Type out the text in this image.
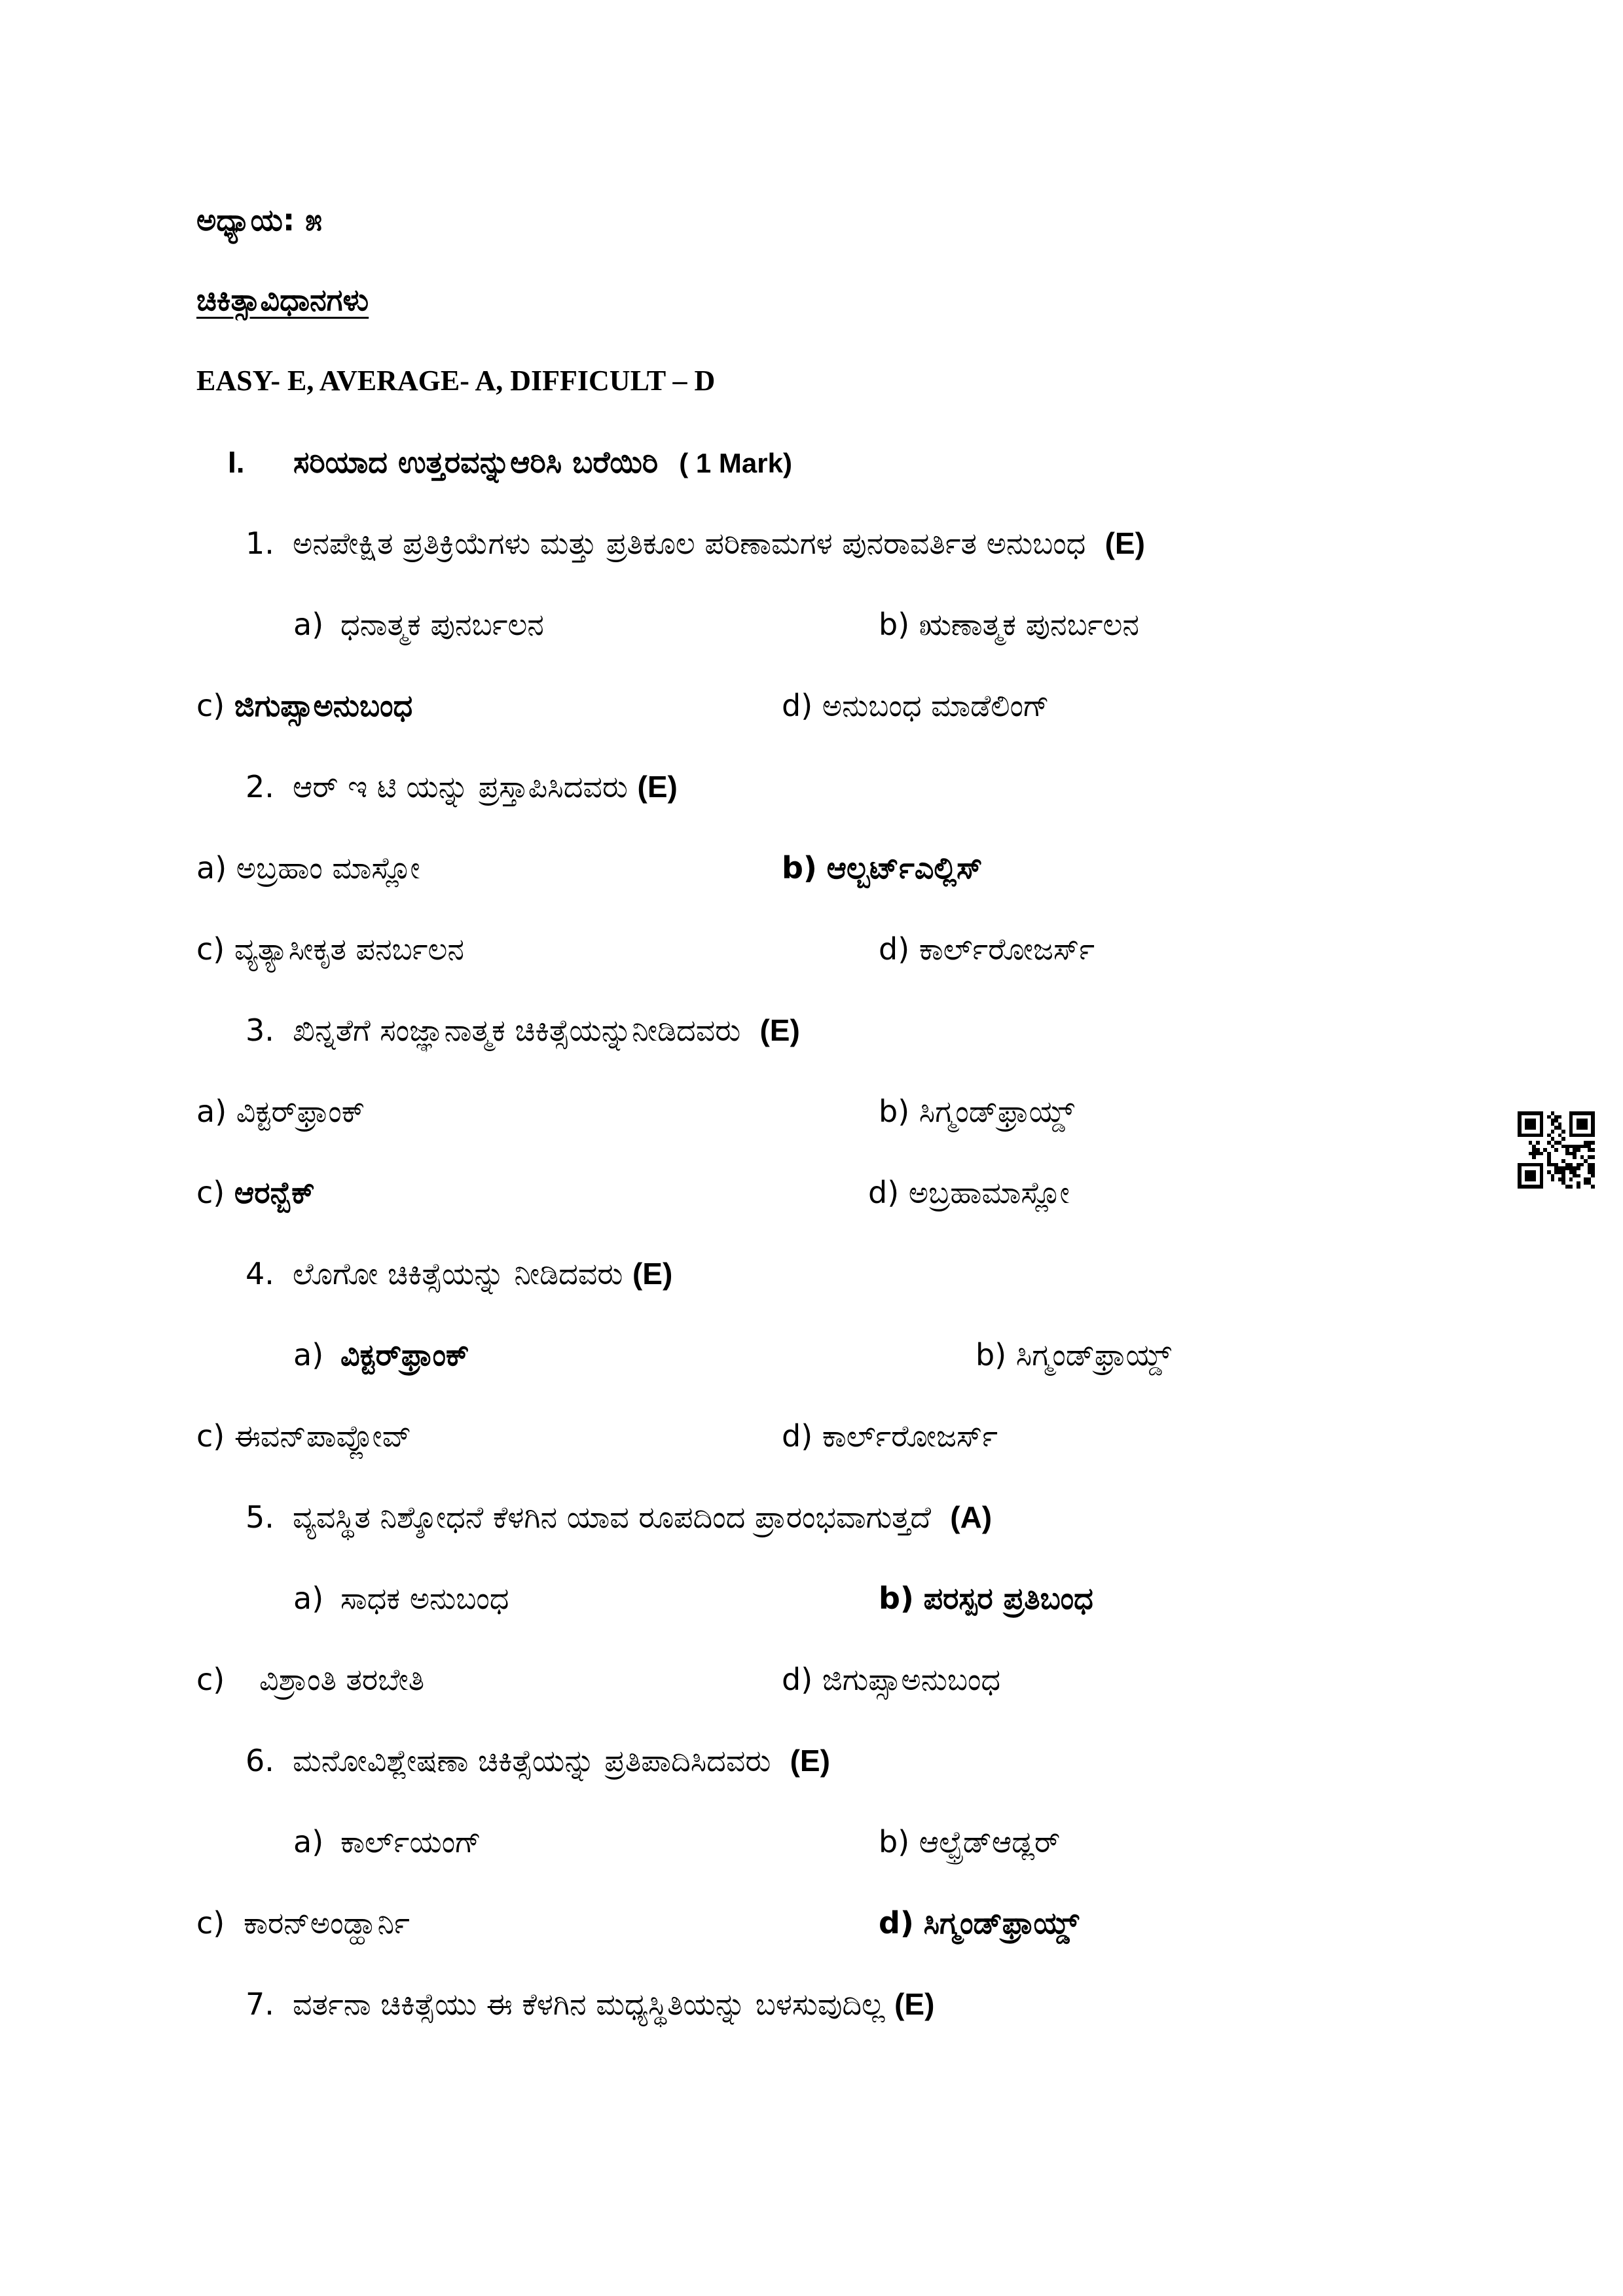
ಅಧ್ಯಾಯ: ೫
ಚಿಕಿತ್ಸಾವಿಧಾನಗಳು
EASY- E, AVERAGE- A, DIFFICULT – D
I. ಸರಿಯಾದ ಉತ್ತರವನ್ನುಆರಿಸಿ ಬರೆಯಿರಿ ( 1 Mark)
1. ಅನಪೇಕ್ಷಿತ ಪ್ರತಿಕ್ರಿಯೆಗಳು ಮತ್ತು ಪ್ರತಿಕೂಲ ಪರಿಣಾಮಗಳ ಪುನರಾವರ್ತಿತ ಅನುಬಂಧ (E)
a) ಧನಾತ್ಮಕ ಪುನರ್ಬಲನ	b) ಋಣಾತ್ಮಕ ಪುನರ್ಬಲನ
c) ಜಿಗುಪ್ಸಾಅನುಬಂಧ	d) ಅನುಬಂಧ ಮಾಡೆಲಿಂಗ್
2. ಆರ್ ಇ ಟಿ ಯನ್ನು ಪ್ರಸ್ತಾಪಿಸಿದವರು (E)
a) ಅಬ್ರಹಾಂ ಮಾಸ್ಲೋ	b) ಆಲ್ಬರ್ಟ್ಎಲ್ಲಿಸ್
c) ವ್ಯತ್ಯಾಸೀಕೃತ ಪನರ್ಬಲನ	d) ಕಾರ್ಲ್‌ರೋಜರ್ಸ್
3. ಖಿನ್ನತೆಗೆ ಸಂಜ್ಞಾನಾತ್ಮಕ ಚಿಕಿತ್ಸೆಯನ್ನುನೀಡಿದವರು (E)
a) ವಿಕ್ಟರ್‌ಫ್ರಾಂಕ್	b) ಸಿಗ್ಮಂಡ್‌ಫ್ರಾಯ್ಡ್
c) ಆರನ್ಬೆಕ್	d) ಅಬ್ರಹಾಮಾಸ್ಲೋ
4. ಲೊಗೋ ಚಿಕಿತ್ಸೆಯನ್ನು ನೀಡಿದವರು (E)
a) ವಿಕ್ಟರ್‌ಫ್ರಾಂಕ್	b) ಸಿಗ್ಮಂಡ್‌ಫ್ರಾಯ್ಡ್
c) ಈವನ್‌ಪಾವ್ಲೋವ್	d) ಕಾರ್ಲ್‌ರೋಜರ್ಸ್
5. ವ್ಯವಸ್ಥಿತ ನಿಶ್ಶೋಧನೆ ಕೆಳಗಿನ ಯಾವ ರೂಪದಿಂದ ಪ್ರಾರಂಭವಾಗುತ್ತದೆ (A)
a) ಸಾಧಕ ಅನುಬಂಧ	b) ಪರಸ್ಪರ ಪ್ರತಿಬಂಧ
c) ವಿಶ್ರಾಂತಿ ತರಬೇತಿ	d) ಜಿಗುಪ್ಸಾಅನುಬಂಧ
6. ಮನೋವಿಶ್ಲೇಷಣಾ ಚಿಕಿತ್ಸೆಯನ್ನು ಪ್ರತಿಪಾದಿಸಿದವರು (E)
a) ಕಾರ್ಲ್‌ಯಂಗ್	b) ಆಲ್ಫ್ರೆಡ್‌ಆಡ್ಲರ್
c) ಕಾರನ್‌ಅಂಡ್ಹಾರ್ನಿ	d) ಸಿಗ್ಮಂಡ್‌ಫ್ರಾಯ್ಡ್
7. ವರ್ತನಾ ಚಿಕಿತ್ಸೆಯು ಈ ಕೆಳಗಿನ ಮಧ್ಯಸ್ಥಿತಿಯನ್ನು ಬಳಸುವುದಿಲ್ಲ (E)
